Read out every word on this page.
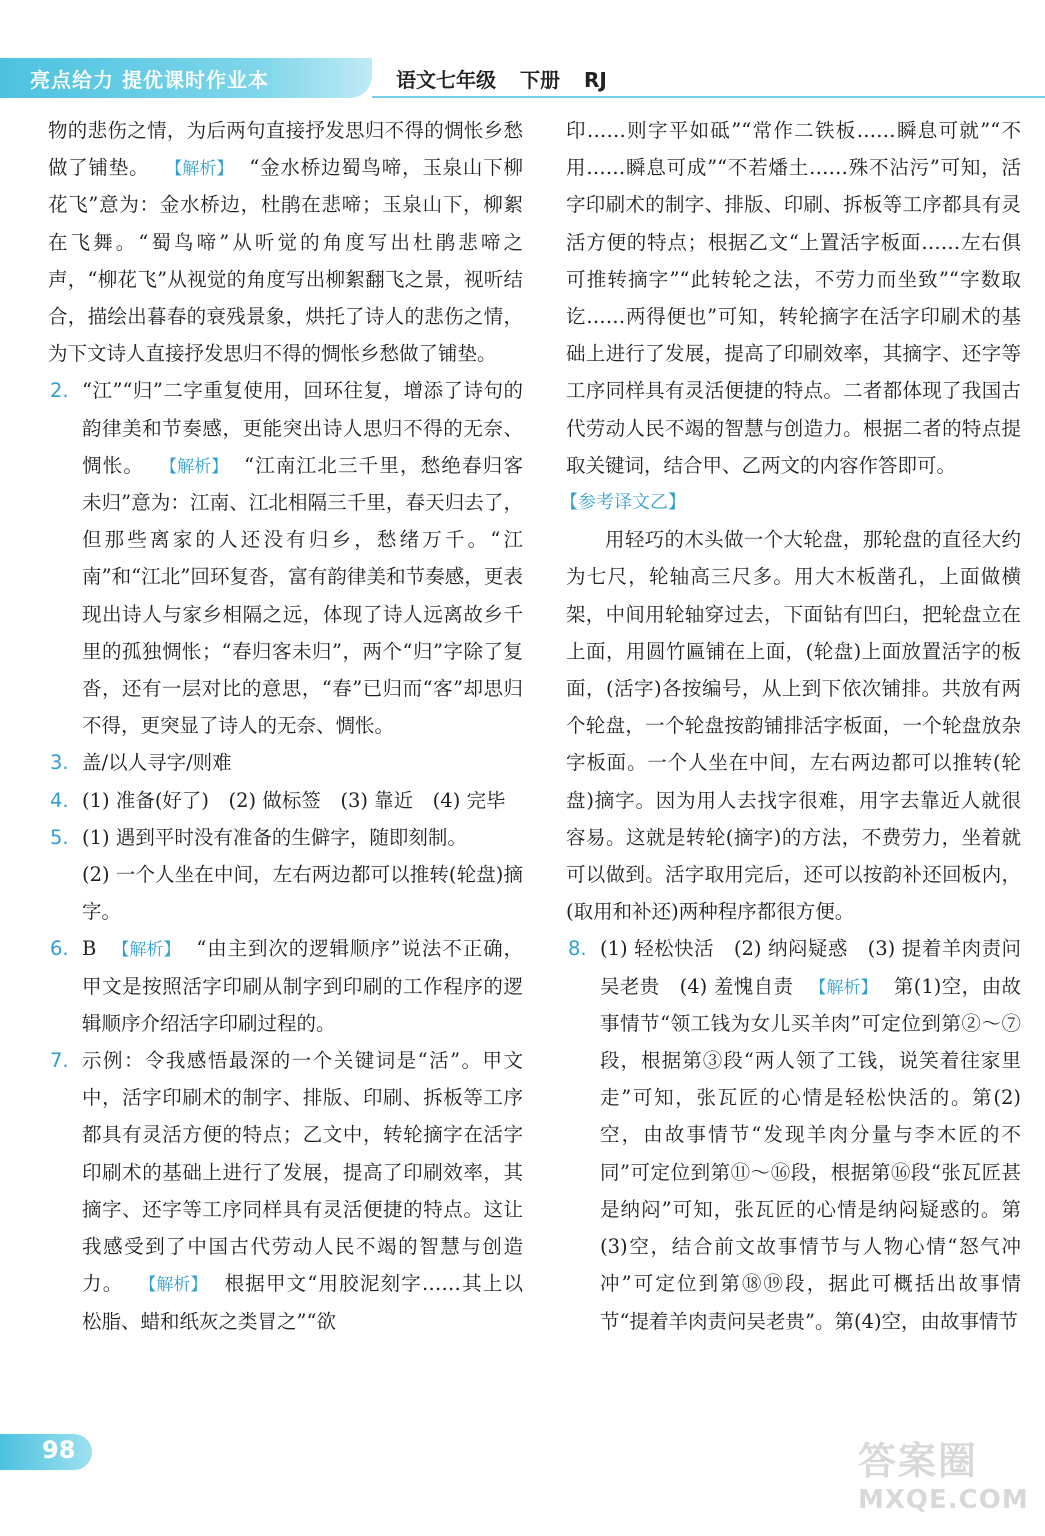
亮点给力 提优课时作业本	语文七年级 下册 RJ
物的悲伤之情，为后两句直接抒发思归不得的惆怅乡愁做了铺垫。 【 解析 】 “金水桥边蜀鸟啼，玉泉山下柳花飞”意为：金水桥边，杜鹃在悲啼；玉泉山下，柳絮在飞舞。“蜀鸟啼”从听觉的角度写出杜鹃悲啼之声，“柳花飞”从视觉的角度写出柳絮翻飞之景，视听结合，描绘出暮春的衰残景象，烘托了诗人的悲伤之情，为下文诗人直接抒发思归不得的惆怅乡愁做了铺垫。
2. “江”“归”二字重复使用，回环往复，增添了诗句的韵律美和节奏感，更能突出诗人思归不得的无奈、惆怅。 【 解析 】 “江南江北三千里，愁绝春归客未归”意为：江南、江北相隔三千里，春天归去了，但那些离家的人还没有归乡，愁绪万千。“江南”和“江北”回环复沓，富有韵律美和节奏感，更表现出诗人与家乡相隔之远，体现了诗人远离故乡千里的孤独惆怅；“春归客未归”，两个“归”字除了复沓，还有一层对比的意思，“春”已归而“客”却思归不得，更突显了诗人的无奈、惆怅。
3. 盖/以人寻字/则难
4. (1) 准备(好了)　(2) 做标签　(3) 靠近　(4) 完毕
5. (1) 遇到平时没有准备的生僻字，随即刻制。
(2) 一个人坐在中间，左右两边都可以推转(轮盘)摘字。
6. B 【 解析 】 “由主到次的逻辑顺序”说法不正确，甲文是按照活字印刷从制字到印刷的工作程序的逻辑顺序介绍活字印刷过程的。
7. 示例：令我感悟最深的一个关键词是“活”。甲文中，活字印刷术的制字、排版、印刷、拆板等工序都具有灵活方便的特点；乙文中，转轮摘字在活字印刷术的基础上进行了发展，提高了印刷效率，其摘字、还字等工序同样具有灵活便捷的特点。这让我感受到了中国古代劳动人民不竭的智慧与创造力。 【 解析 】 根据甲文“用胶泥刻字……其上以松脂、蜡和纸灰之类冒之”“欲
印……则字平如砥”“常作二铁板……瞬息可就”“不用……瞬息可成”“不若燔土……殊不沾污”可知，活字印刷术的制字、排版、印刷、拆板等工序都具有灵活方便的特点；根据乙文“上置活字板面……左右俱可推转摘字”“此转轮之法，不劳力而坐致”“字数取讫……两得便也”可知，转轮摘字在活字印刷术的基础上进行了发展，提高了印刷效率，其摘字、还字等工序同样具有灵活便捷的特点。二者都体现了我国古代劳动人民不竭的智慧与创造力。根据二者的特点提取关键词，结合甲、乙两文的内容作答即可。
【参考译文乙】
用轻巧的木头做一个大轮盘，那轮盘的直径大约为七尺，轮轴高三尺多。用大木板凿孔，上面做横架，中间用轮轴穿过去，下面钻有凹臼，把轮盘立在上面，用圆竹匾铺在上面，(轮盘)上面放置活字的板面，(活字)各按编号，从上到下依次铺排。共放有两个轮盘，一个轮盘按韵铺排活字板面，一个轮盘放杂字板面。一个人坐在中间，左右两边都可以推转(轮盘)摘字。因为用人去找字很难，用字去靠近人就很容易。这就是转轮(摘字)的方法，不费劳力，坐着就可以做到。活字取用完后，还可以按韵补还回板内，(取用和补还)两种程序都很方便。
8. (1) 轻松快活　(2) 纳闷疑惑　(3) 提着羊肉责问吴老贵　(4) 羞愧自责 【 解析 】 第(1)空，由故事情节“领工钱为女儿买羊肉”可定位到第②～⑦段，根据第③段“两人领了工钱，说笑着往家里走”可知，张瓦匠的心情是轻松快活的。第(2)空，由故事情节“发现羊肉分量与李木匠的不同”可定位到第⑪～⑯段，根据第⑯段“张瓦匠甚是纳闷”可知，张瓦匠的心情是纳闷疑惑的。第(3)空，结合前文故事情节与人物心情“怒气冲冲”可定位到第⑱⑲段，据此可概括出故事情节“提着羊肉责问吴老贵”。第(4)空，由故事情节
98	答案圈
MXQE.COM
